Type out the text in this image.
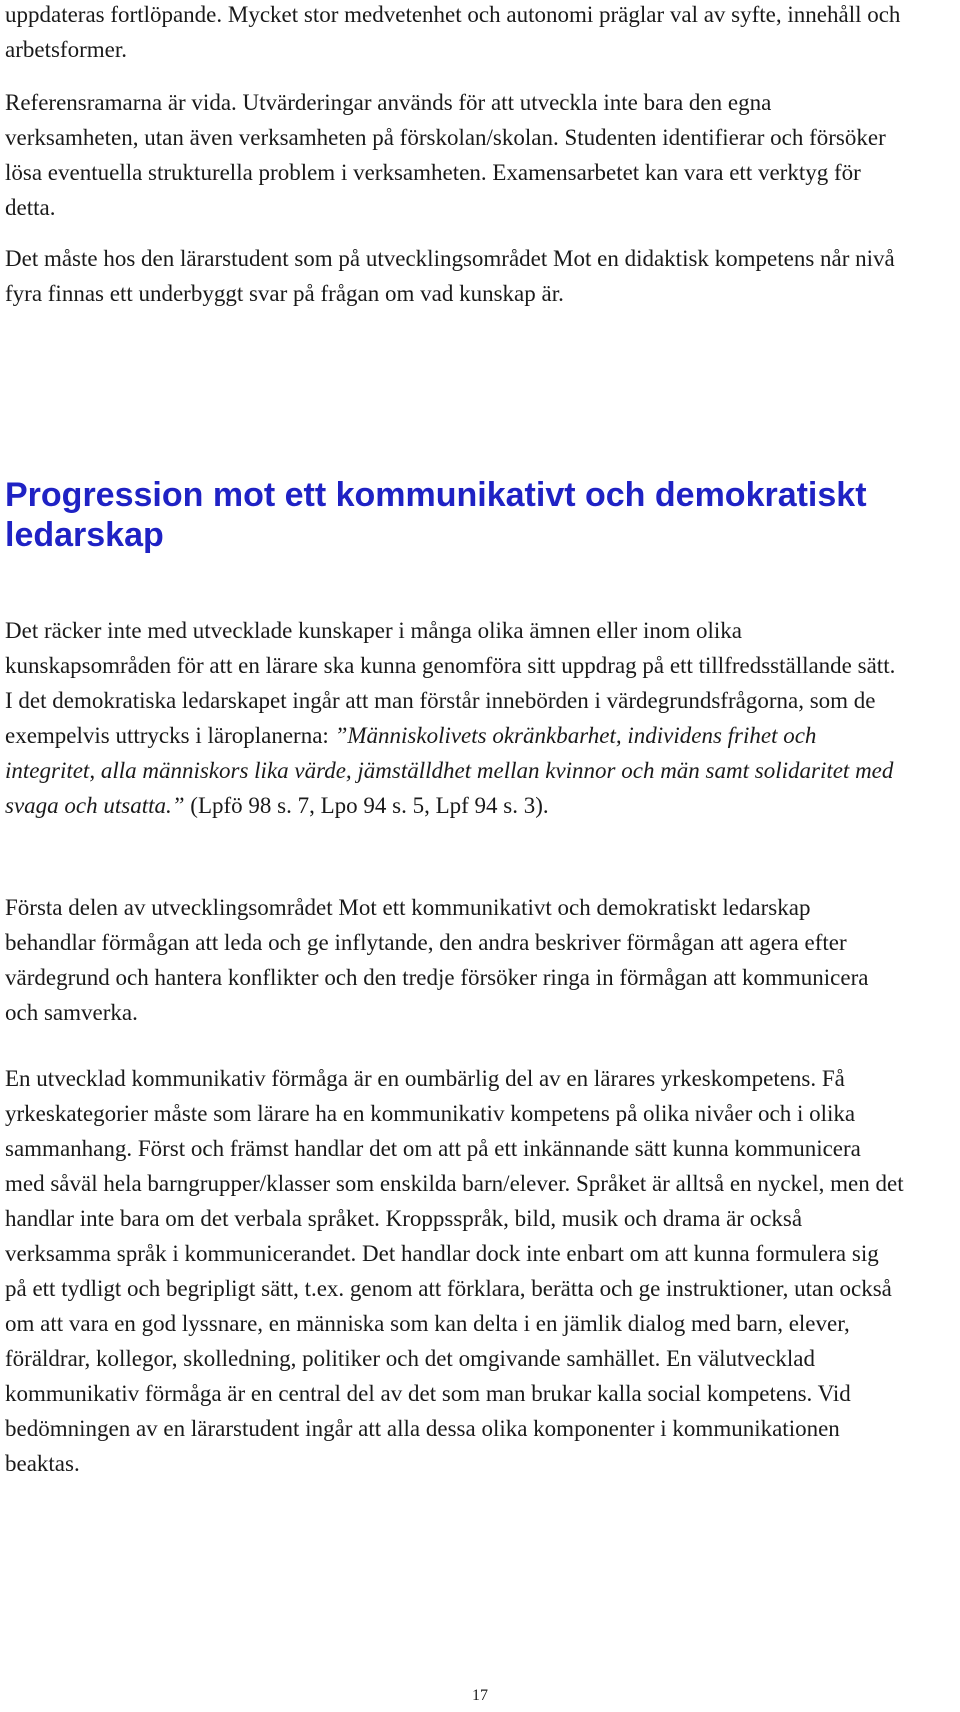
uppdateras fortlöpande. Mycket stor medvetenhet och autonomi präglar val av syfte, innehåll och arbetsformer.

Referensramarna är vida. Utvärderingar används för att utveckla inte bara den egna verksamheten, utan även verksamheten på förskolan/skolan. Studenten identifierar och försöker lösa eventuella strukturella problem i verksamheten. Examensarbetet kan vara ett verktyg för detta.

Det måste hos den lärarstudent som på utvecklingsområdet Mot en didaktisk kompetens når nivå fyra finnas ett underbyggt svar på frågan om vad kunskap är.

Progression mot ett kommunikativt och demokratiskt ledarskap

Det räcker inte med utvecklade kunskaper i många olika ämnen eller inom olika kunskapsområden för att en lärare ska kunna genomföra sitt uppdrag på ett tillfredsställande sätt. I det demokratiska ledarskapet ingår att man förstår innebörden i värdegrundsfrågorna, som de exempelvis uttrycks i läroplanerna: ”Människolivets okränkbarhet, individens frihet och integritet, alla människors lika värde, jämställdhet mellan kvinnor och män samt solidaritet med svaga och utsatta.” (Lpfö 98 s. 7, Lpo 94 s. 5, Lpf 94 s. 3).

Första delen av utvecklingsområdet Mot ett kommunikativt och demokratiskt ledarskap behandlar förmågan att leda och ge inflytande, den andra beskriver förmågan att agera efter värdegrund och hantera konflikter och den tredje försöker ringa in förmågan att kommunicera och samverka.

En utvecklad kommunikativ förmåga är en oumbärlig del av en lärares yrkeskompetens. Få yrkeskategorier måste som lärare ha en kommunikativ kompetens på olika nivåer och i olika sammanhang. Först och främst handlar det om att på ett inkännande sätt kunna kommunicera med såväl hela barngrupper/klasser som enskilda barn/elever. Språket är alltså en nyckel, men det handlar inte bara om det verbala språket. Kroppsspråk, bild, musik och drama är också verksamma språk i kommunicerandet. Det handlar dock inte enbart om att kunna formulera sig på ett tydligt och begripligt sätt, t.ex. genom att förklara, berätta och ge instruktioner, utan också om att vara en god lyssnare, en människa som kan delta i en jämlik dialog med barn, elever, föräldrar, kollegor, skolledning, politiker och det omgivande samhället. En välutvecklad kommunikativ förmåga är en central del av det som man brukar kalla social kompetens. Vid bedömningen av en lärarstudent ingår att alla dessa olika komponenter i kommunikationen beaktas.

17
